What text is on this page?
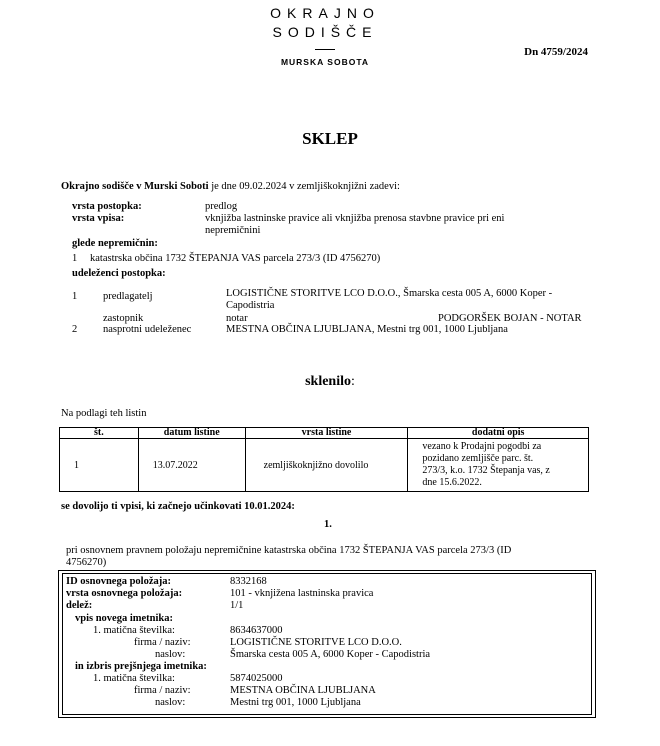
OKRAJNO
SODIŠČE
MURSKA SOBOTA
Dn 4759/2024
SKLEP
Okrajno sodišče v Murski Soboti je dne 09.02.2024 v zemljiškoknjižni zadevi:
vrsta postopka:	predlog
vrsta vpisa:	vknjižba lastninske pravice ali vknjižba prenosa stavbne pravice pri eni
nepremičnini
glede nepremičnin:
1 katastrska občina 1732 ŠTEPANJA VAS parcela 273/3 (ID 4756270)
udeleženci postopka:
1 predlagatelj	LOGISTIČNE STORITVE LCO D.O.O., Šmarska cesta 005 A, 6000 Koper -
Capodistria
zastopnik	notar	PODGORŠEK BOJAN - NOTAR
2 nasprotni udeleženec	MESTNA OBČINA LJUBLJANA, Mestni trg 001, 1000 Ljubljana
sklenilo:
Na podlagi teh listin
št.	datum listine	vrsta listine	dodatni opis
1	13.07.2022	zemljiškoknjižno dovolilo	vezano k Prodajni pogodbi za
pozidano zemljišče parc. št.
273/3, k.o. 1732 Štepanja vas, z
dne 15.6.2022.
se dovolijo ti vpisi, ki začnejo učinkovati 10.01.2024:
1.
pri osnovnem pravnem položaju nepremičnine katastrska občina 1732 ŠTEPANJA VAS parcela 273/3 (ID
4756270)
ID osnovnega položaja:	8332168
vrsta osnovnega položaja:	101 - vknjižena lastninska pravica
delež:	1/1
vpis novega imetnika:
1. matična številka:	8634637000
firma / naziv:	LOGISTIČNE STORITVE LCO D.O.O.
naslov:	Šmarska cesta 005 A, 6000 Koper - Capodistria
in izbris prejšnjega imetnika:
1. matična številka:	5874025000
firma / naziv:	MESTNA OBČINA LJUBLJANA
naslov:	Mestni trg 001, 1000 Ljubljana
